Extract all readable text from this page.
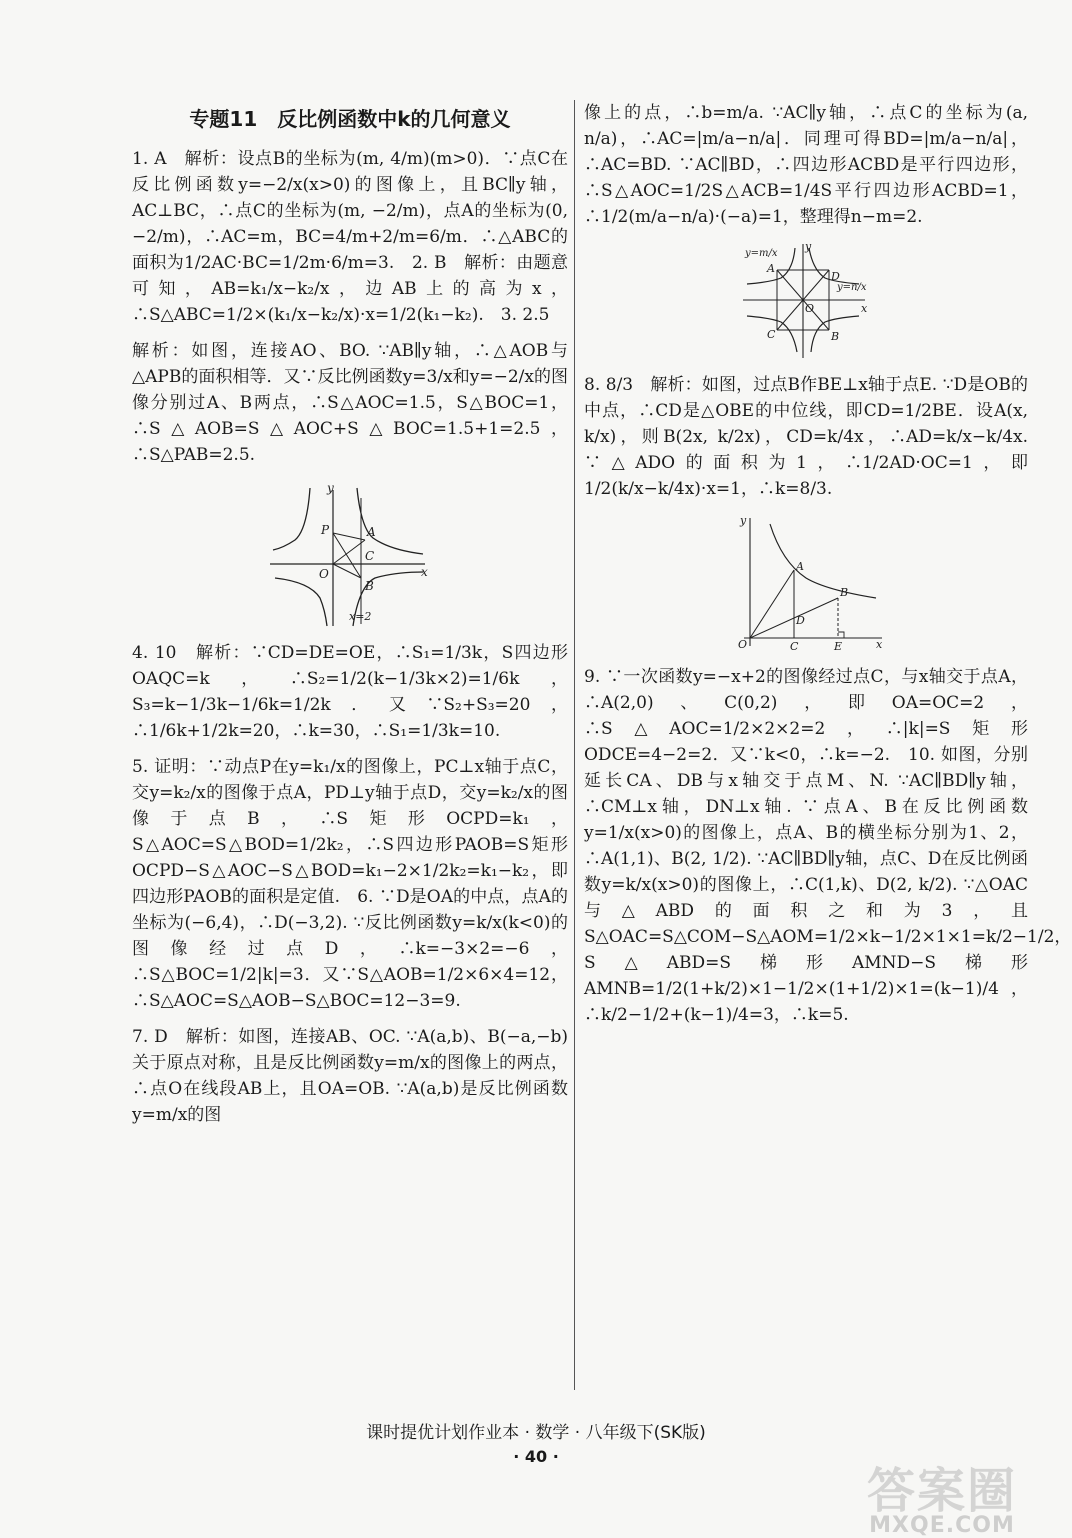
专题11　反比例函数中k的几何意义

1. A　解析：设点B的坐标为(m, 4/m)(m>0)．∵点C在反比例函数y=−2/x(x>0)的图像上，且BC∥y轴，AC⊥BC，∴点C的坐标为(m, −2/m)，点A的坐标为(0, −2/m)，∴AC=m，BC=4/m+2/m=6/m．∴△ABC的面积为1/2AC·BC=1/2m·6/m=3.　2. B　解析：由题意可知，AB=k₁/x−k₂/x，边AB上的高为x，∴S△ABC=1/2×(k₁/x−k₂/x)·x=1/2(k₁−k₂).　3. 2.5

解析：如图，连接AO、BO. ∵AB∥y轴，∴△AOB与△APB的面积相等．又∵反比例函数y=3/x和y=−2/x的图像分别过A、B两点，∴S△AOC=1.5，S△BOC=1，∴S△AOB=S△AOC+S△BOC=1.5+1=2.5，∴S△PAB=2.5.

y
x
O
P	A
C
B
x=2

4. 10　解析：∵CD=DE=OE，∴S₁=1/3k，S四边形OAQC=k，∴S₂=1/2(k−1/3k×2)=1/6k，S₃=k−1/3k−1/6k=1/2k．又∵S₂+S₃=20，∴1/6k+1/2k=20，∴k=30，∴S₁=1/3k=10.

5. 证明：∵动点P在y=k₁/x的图像上，PC⊥x轴于点C，交y=k₂/x的图像于点A，PD⊥y轴于点D，交y=k₂/x的图像于点B，∴S矩形OCPD=k₁，S△AOC=S△BOD=1/2k₂，∴S四边形PAOB=S矩形OCPD−S△AOC−S△BOD=k₁−2×1/2k₂=k₁−k₂，即四边形PAOB的面积是定值.　6. ∵D是OA的中点，点A的坐标为(−6,4)，∴D(−3,2). ∵反比例函数y=k/x(k<0)的图像经过点D，∴k=−3×2=−6，∴S△BOC=1/2|k|=3．又∵S△AOB=1/2×6×4=12，∴S△AOC=S△AOB−S△BOC=12−3=9.

7. D　解析：如图，连接AB、OC. ∵A(a,b)、B(−a,−b)关于原点对称，且是反比例函数y=m/x的图像上的两点，∴点O在线段AB上，且OA=OB. ∵A(a,b)是反比例函数y=m/x的图

像上的点，∴b=m/a. ∵AC∥y轴，∴点C的坐标为(a, n/a)，∴AC=|m/a−n/a|．同理可得BD=|m/a−n/a|，∴AC=BD. ∵AC∥BD，∴四边形ACBD是平行四边形，∴S△AOC=1/2S△ACB=1/4S平行四边形ACBD=1，∴1/2(m/a−n/a)·(−a)=1，整理得n−m=2.

y
x
O
A
B
C
D
y=m/x
y=n/x

8. 8/3　解析：如图，过点B作BE⊥x轴于点E. ∵D是OB的中点，∴CD是△OBE的中位线，即CD=1/2BE．设A(x, k/x)，则B(2x, k/2x)，CD=k/4x，∴AD=k/x−k/4x. ∵△ADO的面积为1，∴1/2AD·OC=1，即1/2(k/x−k/4x)·x=1，∴k=8/3.

y
x
O
A
B
C
D
E

9. ∵一次函数y=−x+2的图像经过点C，与x轴交于点A，∴A(2,0)、C(0,2)，即OA=OC=2，∴S△AOC=1/2×2×2=2，∴|k|=S矩形ODCE=4−2=2．又∵k<0，∴k=−2.　10. 如图，分别延长CA、DB与x轴交于点M、N. ∵AC∥BD∥y轴，∴CM⊥x轴，DN⊥x轴. ∵点A、B在反比例函数y=1/x(x>0)的图像上，点A、B的横坐标分别为1、2，∴A(1,1)、B(2, 1/2). ∵AC∥BD∥y轴，点C、D在反比例函数y=k/x(x>0)的图像上，∴C(1,k)、D(2, k/2). ∵△OAC与△ABD的面积之和为3，且S△OAC=S△COM−S△AOM=1/2×k−1/2×1×1=k/2−1/2，S△ABD=S梯形AMND−S梯形AMNB=1/2(1+k/2)×1−1/2×(1+1/2)×1=(k−1)/4，∴k/2−1/2+(k−1)/4=3，∴k=5.

课时提优计划作业本 · 数学 · 八年级下(SK版)
· 40 ·
答案圈
MXQE.COM
